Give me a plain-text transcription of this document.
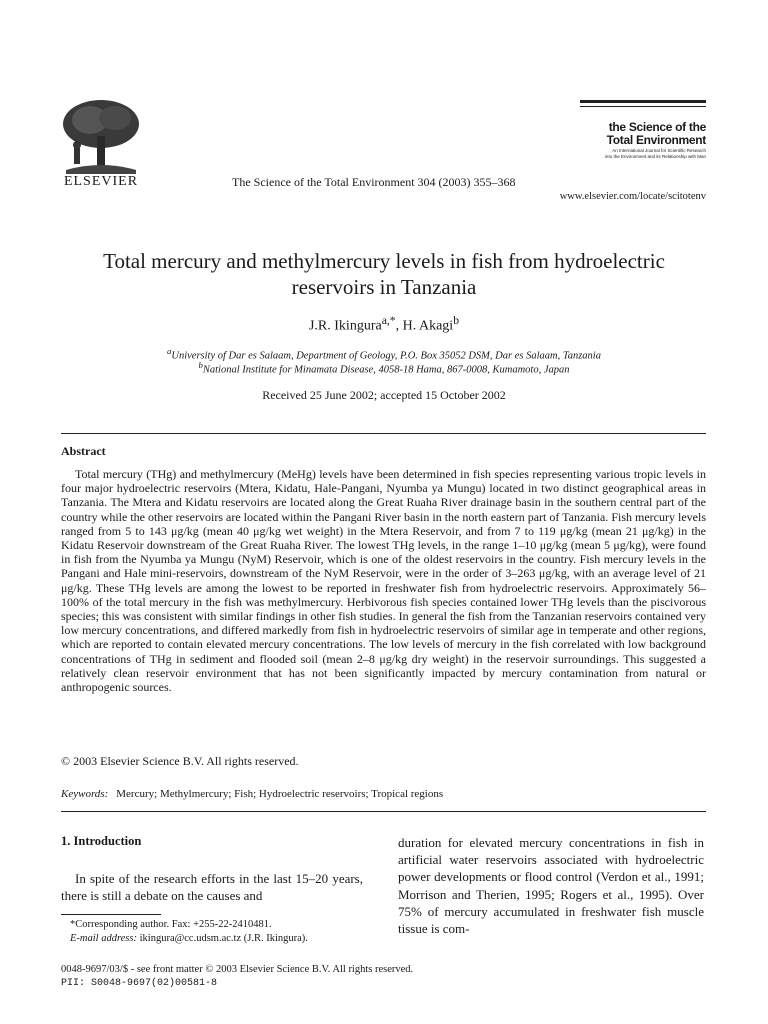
ELSEVIER	The Science of the Total Environment 304 (2003) 355–368
the Science of the
Total Environment
An International Journal for Scientific Research
into the Environment and its Relationship with Man
www.elsevier.com/locate/scitotenv
Total mercury and methylmercury levels in fish from hydroelectric
reservoirs in Tanzania
J.R. Ikingura$^{a,*}$, H. Akagi$^b$
$^a$University of Dar es Salaam, Department of Geology, P.O. Box 35052 DSM, Dar es Salaam, Tanzania
$^b$National Institute for Minamata Disease, 4058-18 Hama, 867-0008, Kumamoto, Japan
Received 25 June 2002; accepted 15 October 2002
Abstract

Total mercury (THg) and methylmercury (MeHg) levels have been determined in fish species representing various tropic levels in four major hydroelectric reservoirs (Mtera, Kidatu, Hale-Pangani, Nyumba ya Mungu) located in two distinct geographical areas in Tanzania. The Mtera and Kidatu reservoirs are located along the Great Ruaha River drainage basin in the southern central part of the country while the other reservoirs are located within the Pangani River basin in the north eastern part of Tanzania. Fish mercury levels ranged from 5 to 143 μg/kg (mean 40 μg/kg wet weight) in the Mtera Reservoir, and from 7 to 119 μg/kg (mean 21 μg/kg) in the Kidatu Reservoir downstream of the Great Ruaha River. The lowest THg levels, in the range 1–10 μg/kg (mean 5 μg/kg), were found in fish from the Nyumba ya Mungu (NyM) Reservoir, which is one of the oldest reservoirs in the country. Fish mercury levels in the Pangani and Hale mini-reservoirs, downstream of the NyM Reservoir, were in the order of 3–263 μg/kg, with an average level of 21 μg/kg. These THg levels are among the lowest to be reported in freshwater fish from hydroelectric reservoirs. Approximately 56–100% of the total mercury in the fish was methylmercury. Herbivorous fish species contained lower THg levels than the piscivorous species; this was consistent with similar findings in other fish studies. In general the fish from the Tanzanian reservoirs contained very low mercury concentrations, and differed markedly from fish in hydroelectric reservoirs of similar age in temperate and other regions, which are reported to contain elevated mercury concentrations. The low levels of mercury in the fish correlated with low background concentrations of THg in sediment and flooded soil (mean 2–8 μg/kg dry weight) in the reservoir surroundings. This suggested a relatively clean reservoir environment that has not been significantly impacted by mercury contamination from natural or anthropogenic sources.

© 2003 Elsevier Science B.V. All rights reserved.
Keywords: Mercury; Methylmercury; Fish; Hydroelectric reservoirs; Tropical regions
1. Introduction

In spite of the research efforts in the last 15–20 years, there is still a debate on the causes and

duration for elevated mercury concentrations in fish in artificial water reservoirs associated with hydroelectric power developments or flood control (Verdon et al., 1991; Morrison and Therien, 1995; Rogers et al., 1995). Over 75% of mercury accumulated in freshwater fish muscle tissue is com-

*Corresponding author. Fax: +255-22-2410481.
E-mail address: ikingura@cc.udsm.ac.tz (J.R. Ikingura).
0048-9697/03/$ - see front matter © 2003 Elsevier Science B.V. All rights reserved.
PII: S0048-9697(02)00581-8
